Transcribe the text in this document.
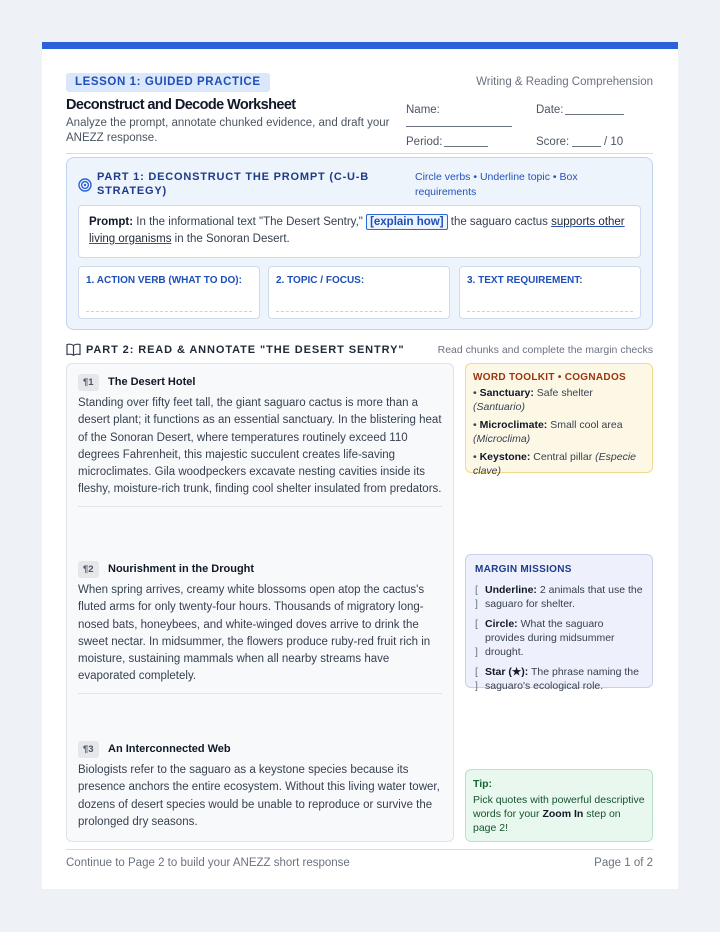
LESSON 1: GUIDED PRACTICE	Writing & Reading Comprehension
Deconstruct and Decode Worksheet
Analyze the prompt, annotate chunked evidence, and draft your ANEZZ response.
Name:	Date:
Period:	Score:	/ 10
PART 1: DECONSTRUCT THE PROMPT (C-U-B STRATEGY)
Circle verbs • Underline topic • Box requirements
Prompt: In the informational text "The Desert Sentry," [explain how] the saguaro cactus supports other living organisms in the Sonoran Desert.
1. ACTION VERB (WHAT TO DO):	2. TOPIC / FOCUS:	3. TEXT REQUIREMENT:
PART 2: READ & ANNOTATE "THE DESERT SENTRY"	Read chunks and complete the margin checks
¶1	The Desert Hotel
Standing over fifty feet tall, the giant saguaro cactus is more than a desert plant; it functions as an essential sanctuary. In the blistering heat of the Sonoran Desert, where temperatures routinely exceed 110 degrees Fahrenheit, this majestic succulent creates life-saving microclimates. Gila woodpeckers excavate nesting cavities inside its fleshy, moisture-rich trunk, finding cool shelter insulated from predators.
¶2	Nourishment in the Drought
When spring arrives, creamy white blossoms open atop the cactus's fluted arms for only twenty-four hours. Thousands of migratory long-nosed bats, honeybees, and white-winged doves arrive to drink the sweet nectar. In midsummer, the flowers produce ruby-red fruit rich in moisture, sustaining mammals when all nearby streams have evaporated completely.
¶3	An Interconnected Web
Biologists refer to the saguaro as a keystone species because its presence anchors the entire ecosystem. Without this living water tower, dozens of desert species would be unable to reproduce or survive the prolonged dry seasons.
WORD TOOLKIT • COGNADOS
• Sanctuary: Safe shelter (Santuario)
• Microclimate: Small cool area (Microclima)
• Keystone: Central pillar (Especie clave)
MARGIN MISSIONS
[
]
Underline: 2 animals that use the saguaro for shelter.
[
]
Circle: What the saguaro provides during midsummer drought.
[
]
Star (★): The phrase naming the saguaro's ecological role.
Tip:
Pick quotes with powerful descriptive words for your Zoom In step on page 2!
Continue to Page 2 to build your ANEZZ short response	Page 1 of 2
